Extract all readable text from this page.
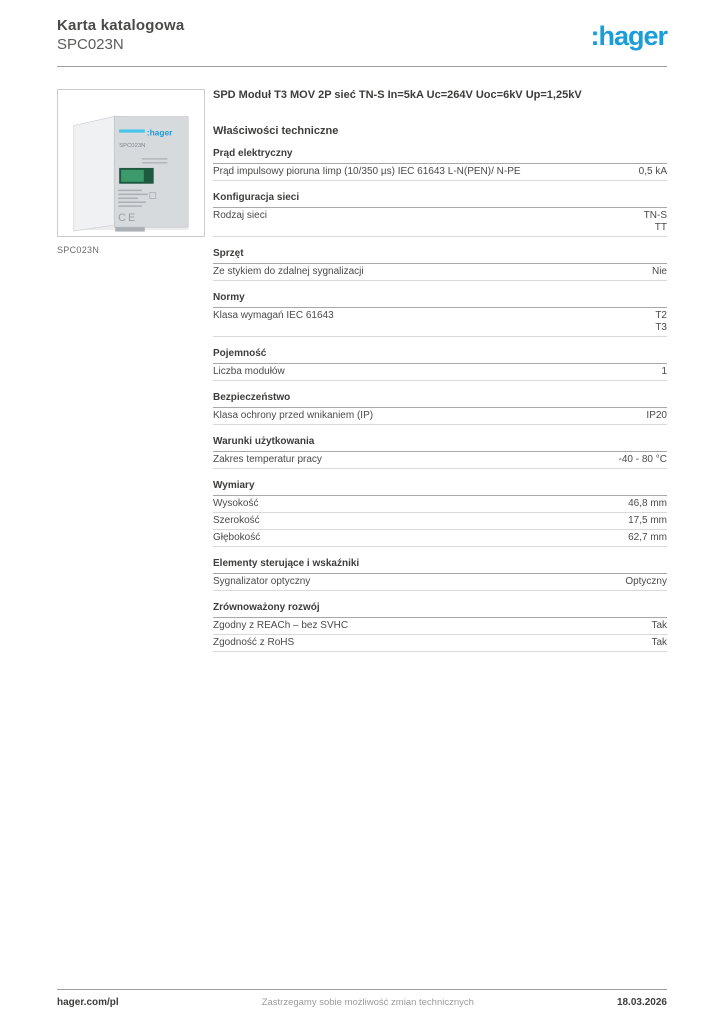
Karta katalogowa
SPC023N	:hager
:hager
SPC023N
CE
SPC023N
SPD Moduł T3 MOV 2P sieć TN-S In=5kA Uc=264V Uoc=6kV Up=1,25kV
Właściwości techniczne
Prąd elektryczny
Prąd impulsowy pioruna Iimp (10/350 µs) IEC 61643 L-N(PEN)/ N-PE	0,5 kA
Konfiguracja sieci
Rodzaj sieci	TN-S
TT
Sprzęt
Ze stykiem do zdalnej sygnalizacji	Nie
Normy
Klasa wymagań IEC 61643	T2
T3
Pojemność
Liczba modułów	1
Bezpieczeństwo
Klasa ochrony przed wnikaniem (IP)	IP20
Warunki użytkowania
Zakres temperatur pracy	-40 - 80 °C
Wymiary
Wysokość	46,8 mm
Szerokość	17,5 mm
Głębokość	62,7 mm
Elementy sterujące i wskaźniki
Sygnalizator optyczny	Optyczny
Zrównoważony rozwój
Zgodny z REACh – bez SVHC	Tak
Zgodność z RoHS	Tak
hager.com/pl	Zastrzegamy sobie możliwość zmian technicznych	18.03.2026
